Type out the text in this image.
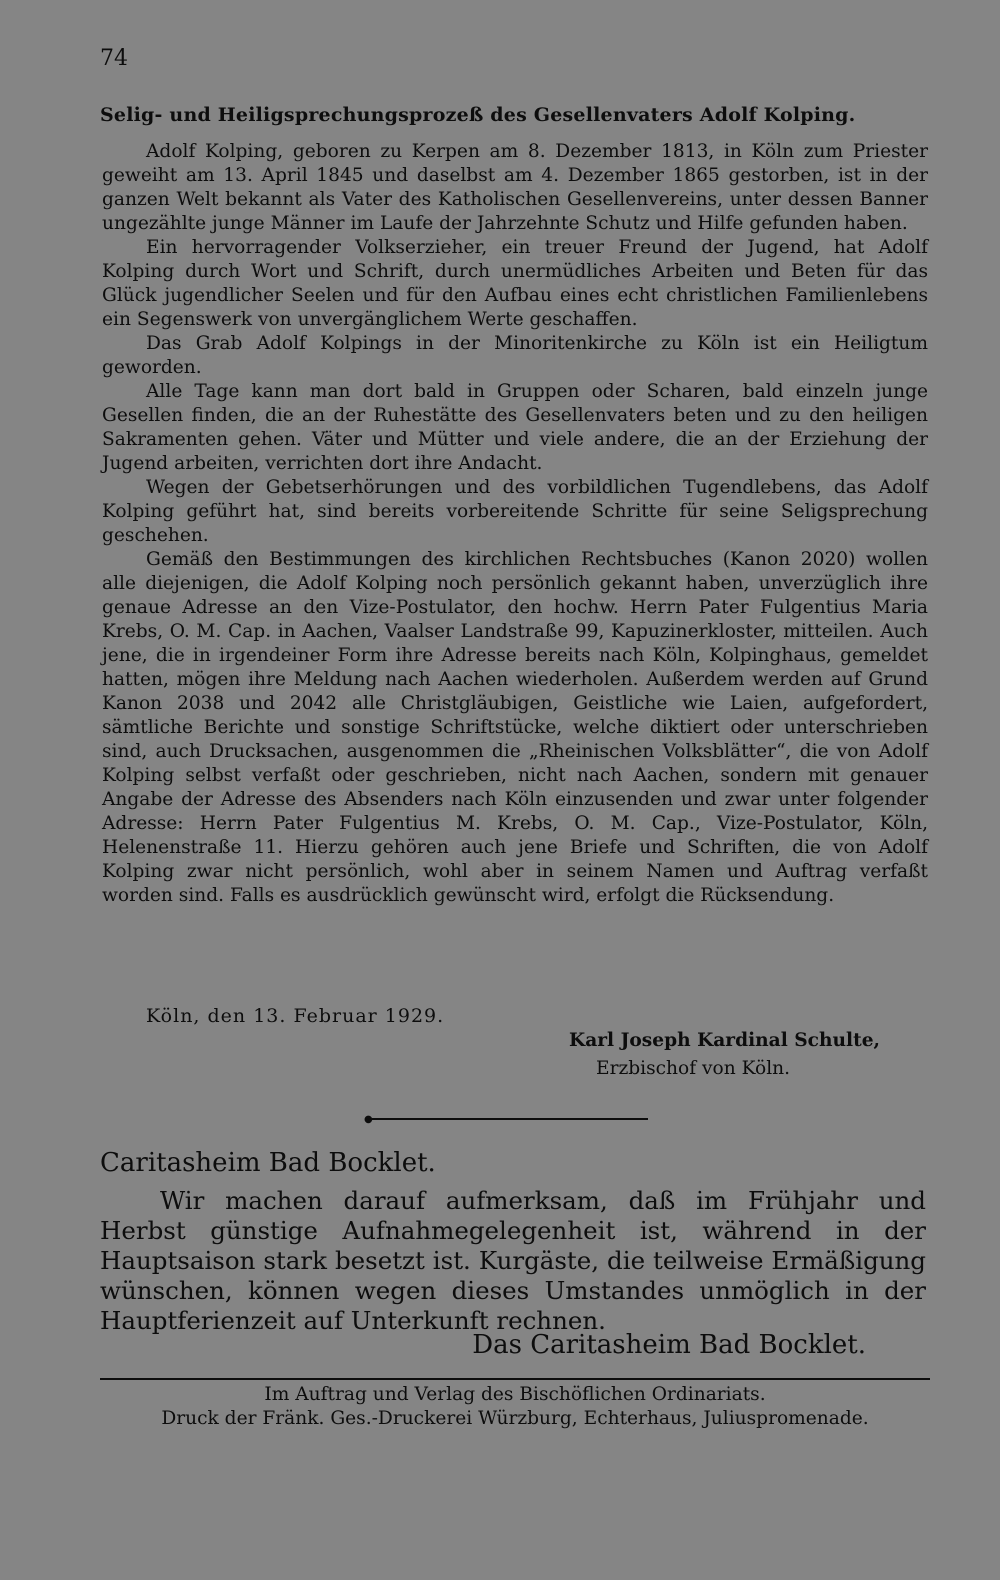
74
Selig- und Heiligsprechungsprozeß des Gesellenvaters Adolf Kolping.

Adolf Kolping, geboren zu Kerpen am 8. Dezember 1813, in Köln zum Priester geweiht am 13. April 1845 und daselbst am 4. Dezember 1865 gestorben, ist in der ganzen Welt bekannt als Vater des Katholischen Gesellenvereins, unter dessen Banner ungezählte junge Männer im Laufe der Jahrzehnte Schutz und Hilfe gefunden haben.

Ein hervorragender Volkserzieher, ein treuer Freund der Jugend, hat Adolf Kolping durch Wort und Schrift, durch unermüdliches Arbeiten und Beten für das Glück jugendlicher Seelen und für den Aufbau eines echt christlichen Familienlebens ein Segenswerk von unvergänglichem Werte geschaffen.

Das Grab Adolf Kolpings in der Minoritenkirche zu Köln ist ein Heiligtum geworden.

Alle Tage kann man dort bald in Gruppen oder Scharen, bald einzeln junge Gesellen finden, die an der Ruhestätte des Gesellenvaters beten und zu den heiligen Sakramenten gehen. Väter und Mütter und viele andere, die an der Erziehung der Jugend arbeiten, verrichten dort ihre Andacht.

Wegen der Gebetserhörungen und des vorbildlichen Tugendlebens, das Adolf Kolping geführt hat, sind bereits vorbereitende Schritte für seine Seligsprechung geschehen.

Gemäß den Bestimmungen des kirchlichen Rechtsbuches (Kanon 2020) wollen alle diejenigen, die Adolf Kolping noch persönlich gekannt haben, unverzüglich ihre genaue Adresse an den Vize-Postulator, den hochw. Herrn Pater Fulgentius Maria Krebs, O. M. Cap. in Aachen, Vaalser Landstraße 99, Kapuzinerkloster, mitteilen. Auch jene, die in irgendeiner Form ihre Adresse bereits nach Köln, Kolpinghaus, gemeldet hatten, mögen ihre Meldung nach Aachen wiederholen. Außerdem werden auf Grund Kanon 2038 und 2042 alle Christgläubigen, Geistliche wie Laien, aufgefordert, sämtliche Berichte und sonstige Schriftstücke, welche diktiert oder unterschrieben sind, auch Drucksachen, ausgenommen die „Rheinischen Volksblätter“, die von Adolf Kolping selbst verfaßt oder geschrieben, nicht nach Aachen, sondern mit genauer Angabe der Adresse des Absenders nach Köln einzusenden und zwar unter folgender Adresse: Herrn Pater Fulgentius M. Krebs, O. M. Cap., Vize-Postulator, Köln, Helenenstraße 11. Hierzu gehören auch jene Briefe und Schriften, die von Adolf Kolping zwar nicht persönlich, wohl aber in seinem Namen und Auftrag verfaßt worden sind. Falls es ausdrücklich gewünscht wird, erfolgt die Rücksendung.

Köln, den 13. Februar 1929.
Karl Joseph Kardinal Schulte,
Erzbischof von Köln.
●
Caritasheim Bad Bocklet.

Wir machen darauf aufmerksam, daß im Frühjahr und Herbst günstige Aufnahmegelegenheit ist, während in der Hauptsaison stark besetzt ist. Kurgäste, die teilweise Ermäßigung wünschen, können wegen dieses Umstandes unmöglich in der Hauptferienzeit auf Unterkunft rechnen.

Das Caritasheim Bad Bocklet.
Im Auftrag und Verlag des Bischöflichen Ordinariats.
Druck der Fränk. Ges.-Druckerei Würzburg, Echterhaus, Juliuspromenade.
